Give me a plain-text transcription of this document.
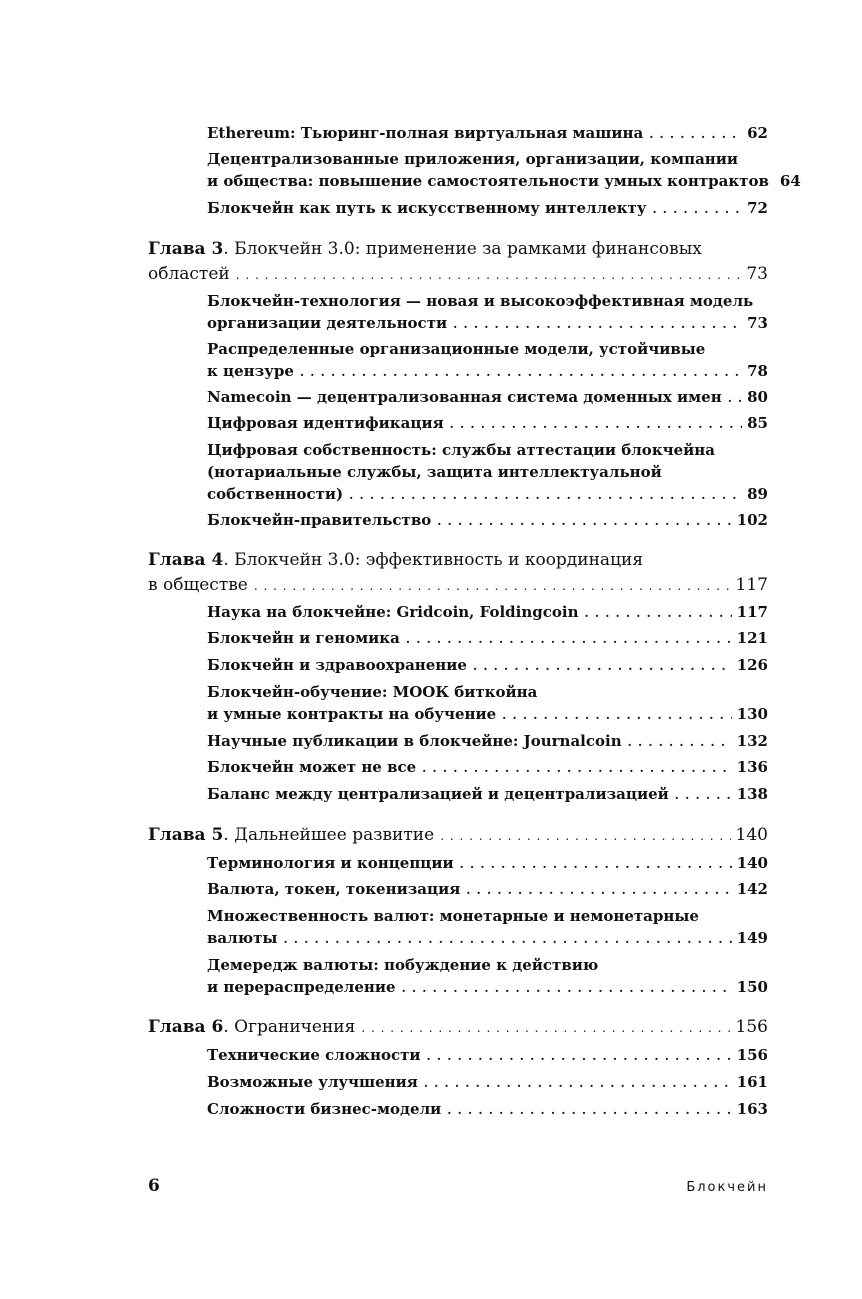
Ethereum: Тьюринг-полная виртуальная машина . . .	62
Децентрализованные приложения, организации, компании
и общества: повышение самостоятельности умных контрактов 64
Блокчейн как путь к искусственному интеллекту . . .	72
Глава 3. Блокчейн 3.0: применение за рамками финансовых
областей . . .	73
Блокчейн-технология — новая и высокоэффективная модель
организации деятельности . . .	73
Распределенные организационные модели, устойчивые
к цензуре . . .	78
Namecoin — децентрализованная система доменных имен . . . 80
Цифровая идентификация . . .	85
Цифровая собственность: службы аттестации блокчейна
(нотариальные службы, защита интеллектуальной
собственности) . . .	89
Блокчейн-правительство . . .	102
Глава 4. Блокчейн 3.0: эффективность и координация
в обществе . . .	117
Наука на блокчейне: Gridcoin, Foldingcoin . . .	117
Блокчейн и геномика . . .	121
Блокчейн и здравоохранение . . .	126
Блокчейн-обучение: МООК биткойна
и умные контракты на обучение . . .	130
Научные публикации в блокчейне: Journalcoin . . .	132
Блокчейн может не все . . .	136
Баланс между централизацией и децентрализацией . . .	138
Глава 5. Дальнейшее развитие . . .	140
Терминология и концепции . . .	140
Валюта, токен, токенизация . . .	142
Множественность валют: монетарные и немонетарные
валюты . . .	149
Демередж валюты: побуждение к действию
и перераспределение . . .	150
Глава 6. Ограничения . . .	156
Технические сложности . . .	156
Возможные улучшения . . .	161
Сложности бизнес-модели . . .	163
6	Блокчейн
